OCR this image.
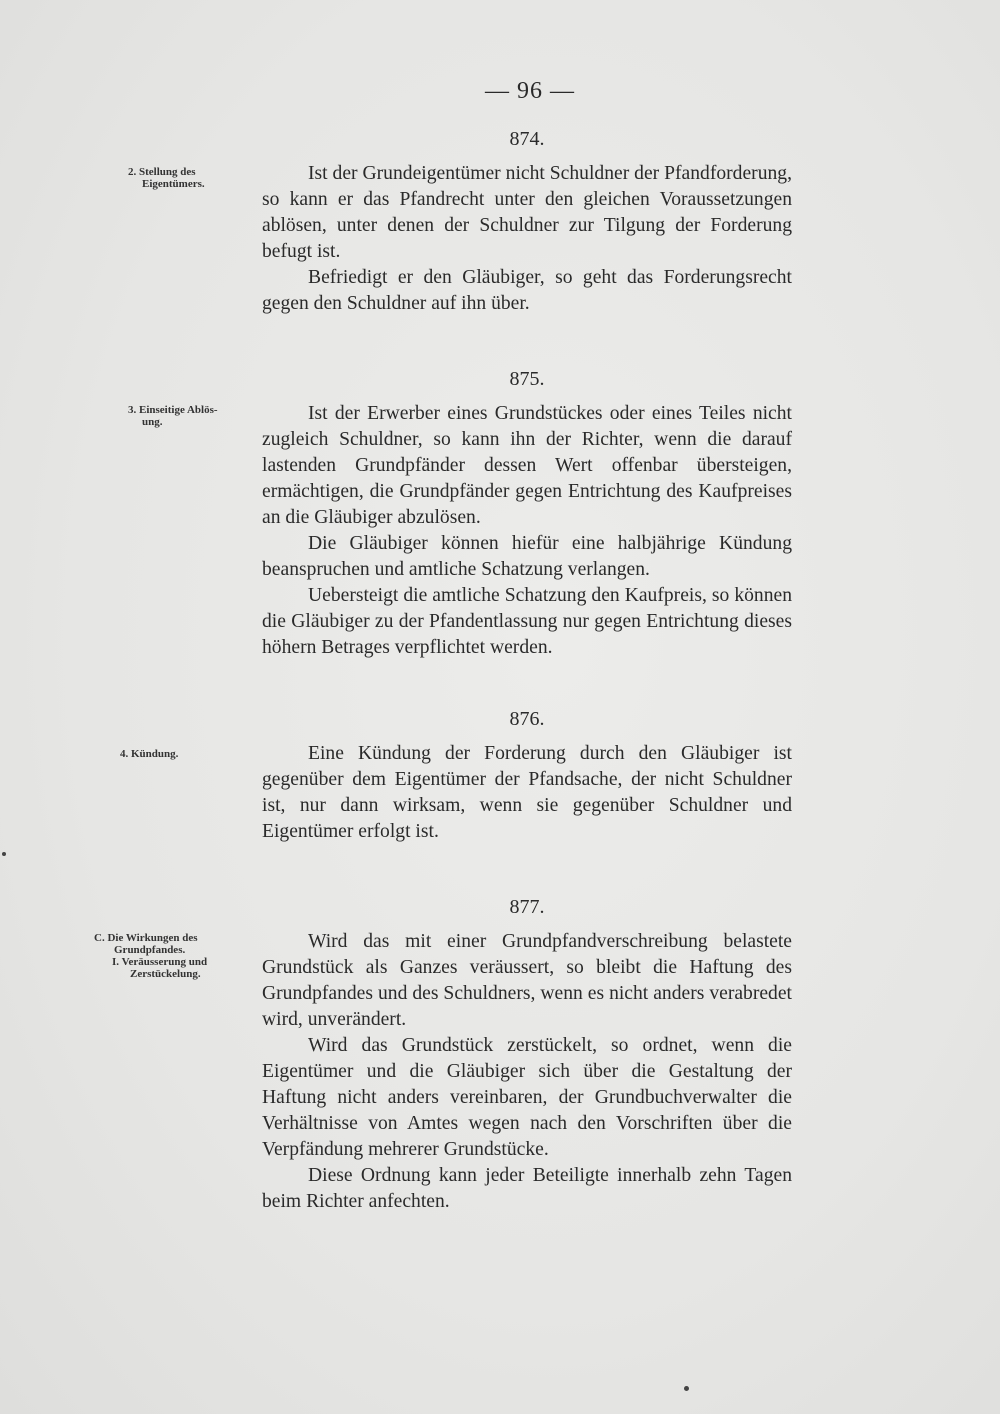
— 96 —
2. Stellung des
Eigentümers.
874.

Ist der Grundeigentümer nicht Schuldner der Pfandforderung, so kann er das Pfandrecht unter den gleichen Voraussetzungen ablösen, unter denen der Schuldner zur Tilgung der Forderung befugt ist.

Befriedigt er den Gläubiger, so geht das Forderungsrecht gegen den Schuldner auf ihn über.

3. Einseitige Ablös-
ung.
875.

Ist der Erwerber eines Grundstückes oder eines Teiles nicht zugleich Schuldner, so kann ihn der Richter, wenn die darauf lastenden Grundpfänder dessen Wert offenbar übersteigen, ermächtigen, die Grundpfänder gegen Entrichtung des Kaufpreises an die Gläubiger abzulösen.

Die Gläubiger können hiefür eine halbjährige Kündung beanspruchen und amtliche Schatzung verlangen.

Uebersteigt die amtliche Schatzung den Kaufpreis, so können die Gläubiger zu der Pfandentlassung nur gegen Entrichtung dieses höhern Betrages verpflichtet werden.

4. Kündung.
876.

Eine Kündung der Forderung durch den Gläubiger ist gegenüber dem Eigentümer der Pfandsache, der nicht Schuldner ist, nur dann wirksam, wenn sie gegenüber Schuldner und Eigentümer erfolgt ist.

C. Die Wirkungen des
Grundpfandes.
I. Veräusserung und
Zerstückelung.
877.

Wird das mit einer Grundpfandverschreibung belastete Grundstück als Ganzes veräussert, so bleibt die Haftung des Grundpfandes und des Schuldners, wenn es nicht anders verabredet wird, unverändert.

Wird das Grundstück zerstückelt, so ordnet, wenn die Eigentümer und die Gläubiger sich über die Gestaltung der Haftung nicht anders vereinbaren, der Grundbuchverwalter die Verhältnisse von Amtes wegen nach den Vorschriften über die Verpfändung mehrerer Grundstücke.

Diese Ordnung kann jeder Beteiligte innerhalb zehn Tagen beim Richter anfechten.
